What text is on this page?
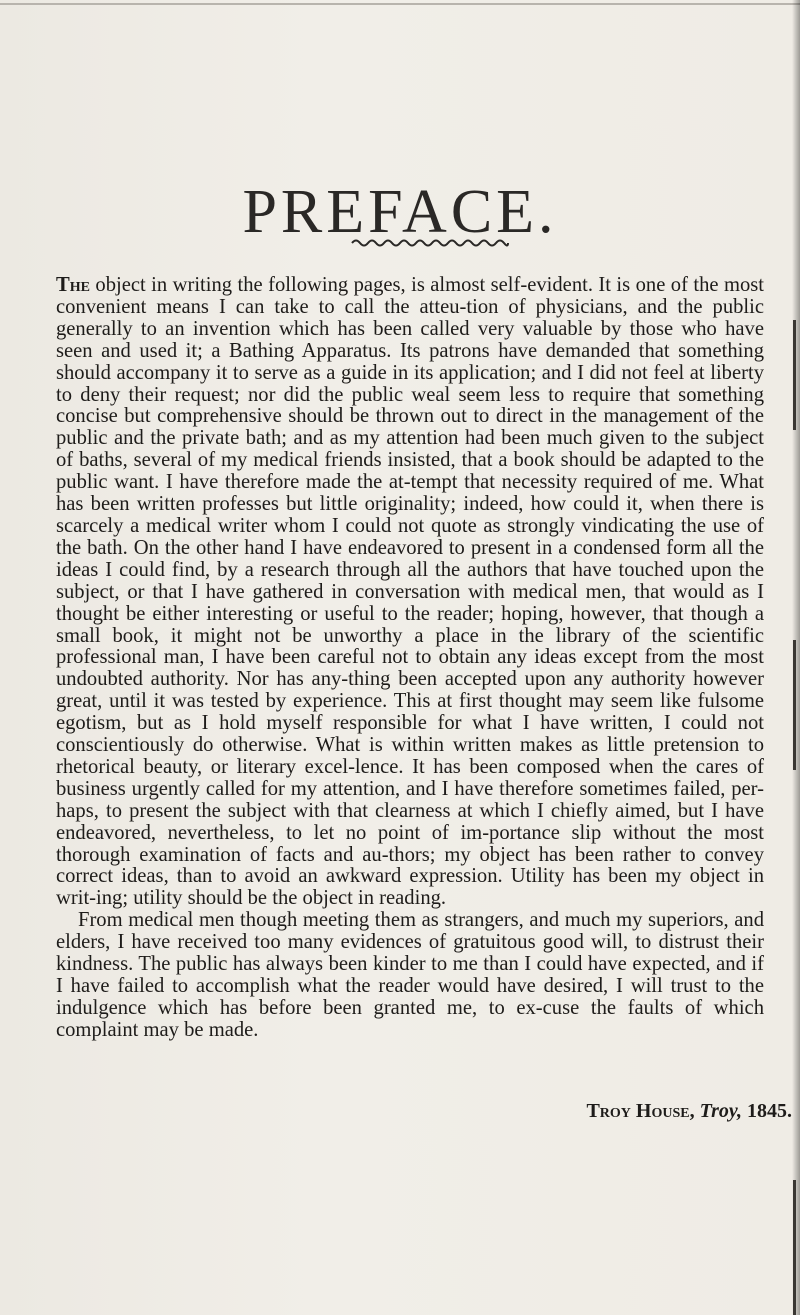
PREFACE.

The object in writing the following pages, is almost self-evident. It is one of the most convenient means I can take to call the atteu-tion of physicians, and the public generally to an invention which has been called very valuable by those who have seen and used it; a Bathing Apparatus. Its patrons have demanded that something should accompany it to serve as a guide in its application; and I did not feel at liberty to deny their request; nor did the public weal seem less to require that something concise but comprehensive should be thrown out to direct in the management of the public and the private bath; and as my attention had been much given to the subject of baths, several of my medical friends insisted, that a book should be adapted to the public want. I have therefore made the at-tempt that necessity required of me. What has been written professes but little originality; indeed, how could it, when there is scarcely a medical writer whom I could not quote as strongly vindicating the use of the bath. On the other hand I have endeavored to present in a condensed form all the ideas I could find, by a research through all the authors that have touched upon the subject, or that I have gathered in conversation with medical men, that would as I thought be either interesting or useful to the reader; hoping, however, that though a small book, it might not be unworthy a place in the library of the scientific professional man, I have been careful not to obtain any ideas except from the most undoubted authority. Nor has any-thing been accepted upon any authority however great, until it was tested by experience. This at first thought may seem like fulsome egotism, but as I hold myself responsible for what I have written, I could not conscientiously do otherwise. What is within written makes as little pretension to rhetorical beauty, or literary excel-lence. It has been composed when the cares of business urgently called for my attention, and I have therefore sometimes failed, per-haps, to present the subject with that clearness at which I chiefly aimed, but I have endeavored, nevertheless, to let no point of im-portance slip without the most thorough examination of facts and au-thors; my object has been rather to convey correct ideas, than to avoid an awkward expression. Utility has been my object in writ-ing; utility should be the object in reading.

From medical men though meeting them as strangers, and much my superiors, and elders, I have received too many evidences of gratuitous good will, to distrust their kindness. The public has always been kinder to me than I could have expected, and if I have failed to accomplish what the reader would have desired, I will trust to the indulgence which has before been granted me, to ex-cuse the faults of which complaint may be made.

Troy House, Troy, 1845.
